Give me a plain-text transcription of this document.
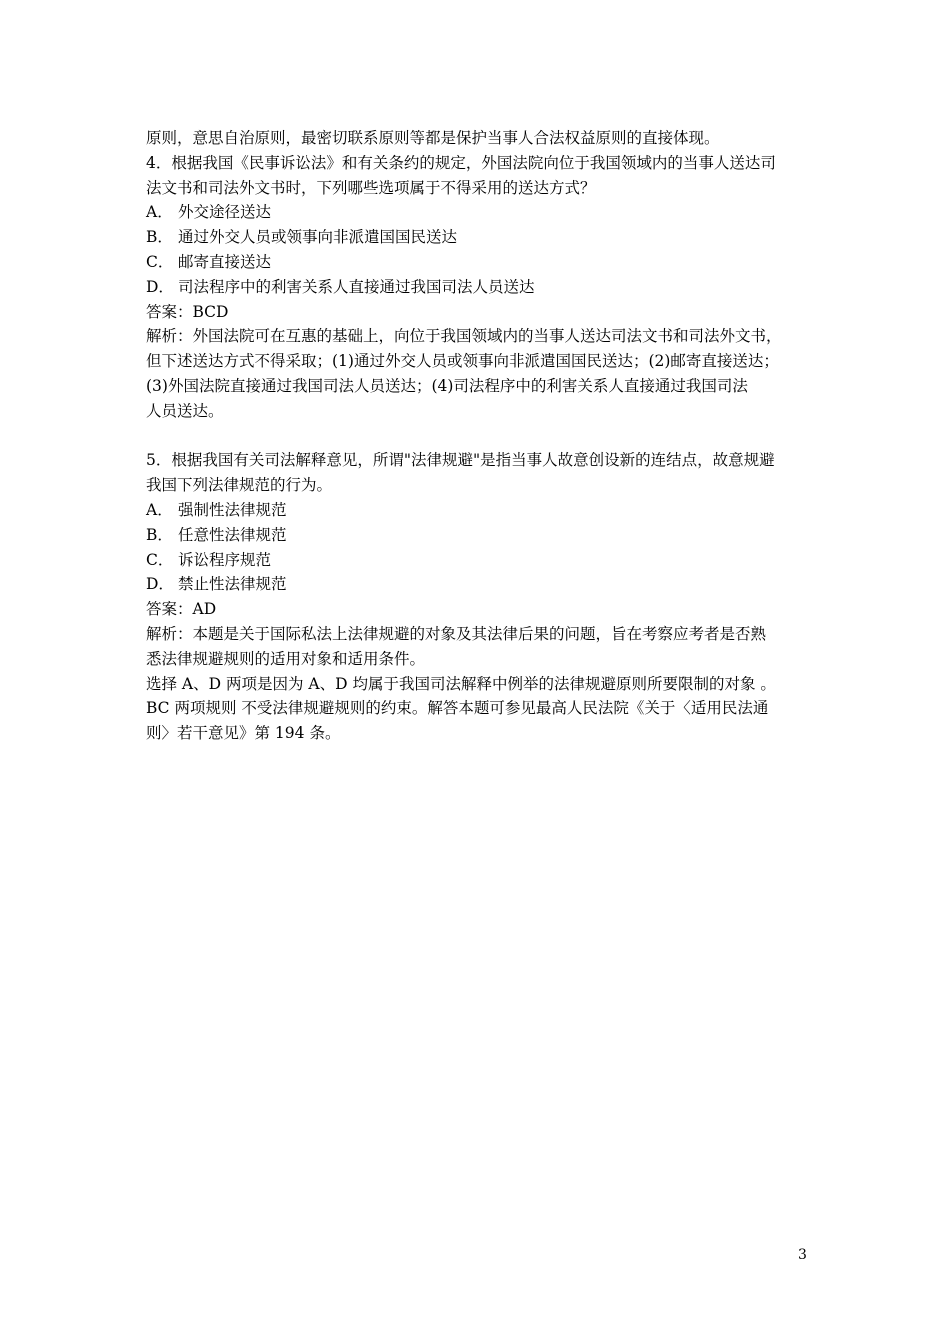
原则，意思自治原则，最密切联系原则等都是保护当事人合法权益原则的直接体现。

4．根据我国《民事诉讼法》和有关条约的规定，外国法院向位于我国领域内的当事人送达司

法文书和司法外文书时，下列哪些选项属于不得采用的送达方式？

A． 外交途径送达

B． 通过外交人员或领事向非派遣国国民送达

C． 邮寄直接送达

D． 司法程序中的利害关系人直接通过我国司法人员送达

答案：BCD

解析：外国法院可在互惠的基础上，向位于我国领域内的当事人送达司法文书和司法外文书，

但下述送达方式不得采取；(1)通过外交人员或领事向非派遣国国民送达；(2)邮寄直接送达；

(3)外国法院直接通过我国司法人员送达；(4)司法程序中的利害关系人直接通过我国司法

人员送达。

5．根据我国有关司法解释意见，所谓"法律规避"是指当事人故意创设新的连结点，故意规避

我国下列法律规范的行为。

A． 强制性法律规范

B． 任意性法律规范

C． 诉讼程序规范

D． 禁止性法律规范

答案：AD

解析：本题是关于国际私法上法律规避的对象及其法律后果的问题，旨在考察应考者是否熟

悉法律规避规则的适用对象和适用条件。

选择 A、D 两项是因为 A、D 均属于我国司法解释中例举的法律规避原则所要限制的对象 。

BC 两项规则 不受法律规避规则的约束。解答本题可参见最高人民法院《关于〈适用民法通

则〉若干意见》第 194 条。

3
